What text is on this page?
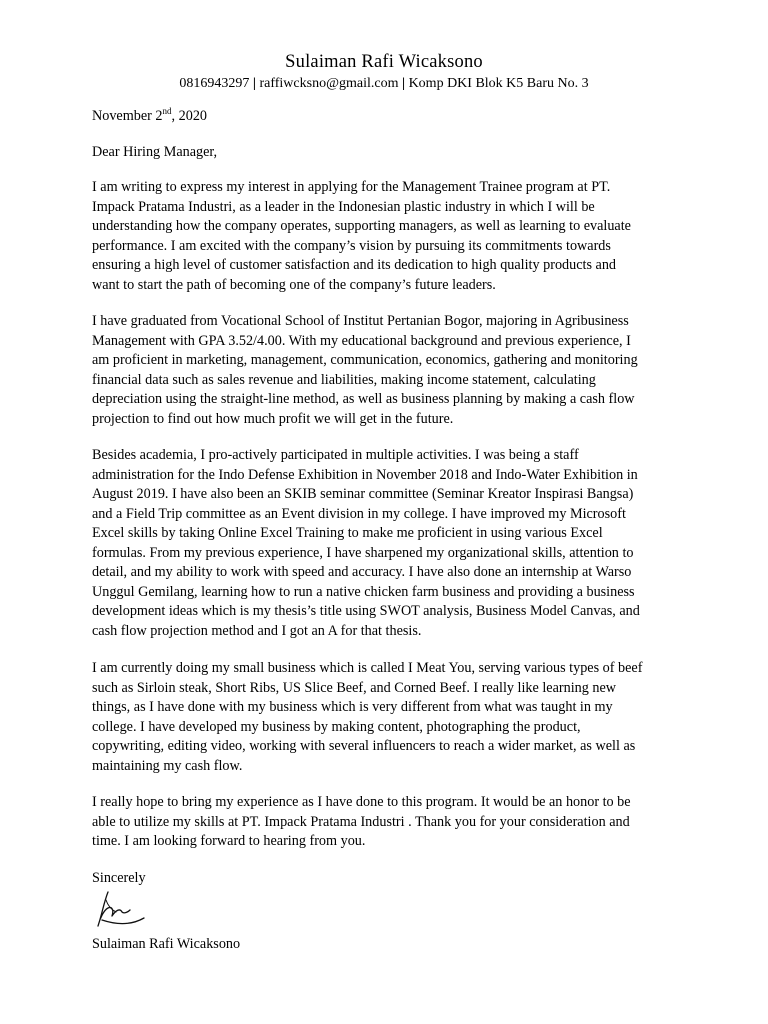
Sulaiman Rafi Wicaksono
0816943297 | raffiwcksno@gmail.com | Komp DKI Blok K5 Baru No. 3
November 2nd, 2020
Dear Hiring Manager,

I am writing to express my interest in applying for the Management Trainee program at PT.
Impack Pratama Industri, as a leader in the Indonesian plastic industry in which I will be
understanding how the company operates, supporting managers, as well as learning to evaluate
performance. I am excited with the company’s vision by pursuing its commitments towards
ensuring a high level of customer satisfaction and its dedication to high quality products and
want to start the path of becoming one of the company’s future leaders.

I have graduated from Vocational School of Institut Pertanian Bogor, majoring in Agribusiness
Management with GPA 3.52/4.00. With my educational background and previous experience, I
am proficient in marketing, management, communication, economics, gathering and monitoring
financial data such as sales revenue and liabilities, making income statement, calculating
depreciation using the straight-line method, as well as business planning by making a cash flow
projection to find out how much profit we will get in the future.

Besides academia, I pro-actively participated in multiple activities. I was being a staff
administration for the Indo Defense Exhibition in November 2018 and Indo-Water Exhibition in
August 2019. I have also been an SKIB seminar committee (Seminar Kreator Inspirasi Bangsa)
and a Field Trip committee as an Event division in my college. I have improved my Microsoft
Excel skills by taking Online Excel Training to make me proficient in using various Excel
formulas. From my previous experience, I have sharpened my organizational skills, attention to
detail, and my ability to work with speed and accuracy. I have also done an internship at Warso
Unggul Gemilang, learning how to run a native chicken farm business and providing a business
development ideas which is my thesis’s title using SWOT analysis, Business Model Canvas, and
cash flow projection method and I got an A for that thesis.

I am currently doing my small business which is called I Meat You, serving various types of beef
such as Sirloin steak, Short Ribs, US Slice Beef, and Corned Beef. I really like learning new
things, as I have done with my business which is very different from what was taught in my
college. I have developed my business by making content, photographing the product,
copywriting, editing video, working with several influencers to reach a wider market, as well as
maintaining my cash flow.

I really hope to bring my experience as I have done to this program. It would be an honor to be
able to utilize my skills at PT. Impack Pratama Industri . Thank you for your consideration and
time. I am looking forward to hearing from you.

Sincerely
Sulaiman Rafi Wicaksono
